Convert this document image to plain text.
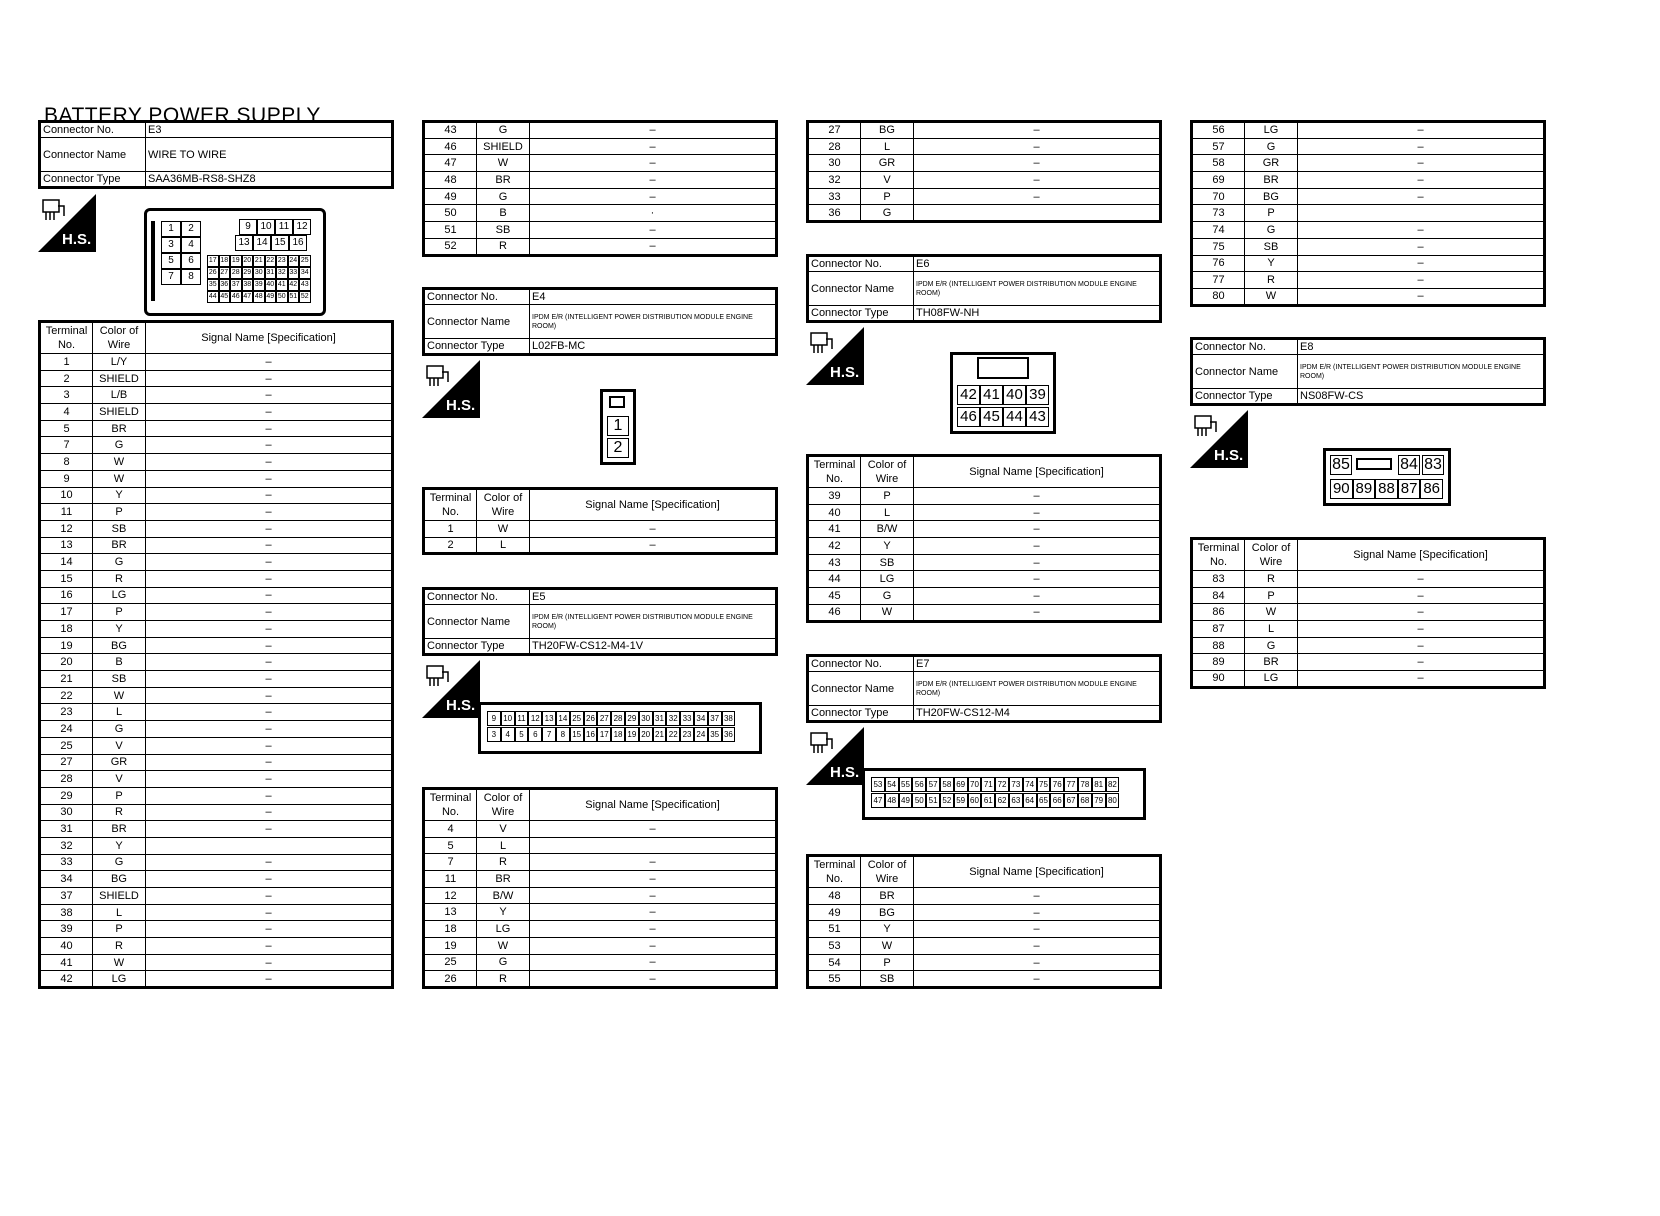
BATTERY POWER SUPPLY
Connector No.	E3
Connector Name	WIRE TO WIRE
Connector Type	SAA36MB-RS8-SHZ8
H.S.
1	2
3	4
5	6
7	8
9 10 11 12
13 14 15 16
17 18 19 20 21 22 23 24 25
26 27 28 29 30 31 32 33 34
35 36 37 38 39 40 41 42 43
44 45 46 47 48 49 50 51 52
Terminal No.	Color of Wire	Signal Name [Specification]
1	L/Y	–
2	SHIELD	–
3	L/B	–
4	SHIELD	–
5	BR	–
7	G	–
8	W	–
9	W	–
10	Y	–
11	P	–
12	SB	–
13	BR	–
14	G	–
15	R	–
16	LG	–
17	P	–
18	Y	–
19	BG	–
20	B	–
21	SB	–
22	W	–
23	L	–
24	G	–
25	V	–
27	GR	–
28	V	–
29	P	–
30	R	–
31	BR	–
32	Y	
33	G	–
34	BG	–
37	SHIELD	–
38	L	–
39	P	–
40	R	–
41	W	–
42	LG	–
43	G	–
46	SHIELD	–
47	W	–
48	BR	–
49	G	–
50	B	·
51	SB	–
52	R	–
Connector No.	E4
Connector Name	IPDM E/R (INTELLIGENT POWER DISTRIBUTION MODULE ENGINE ROOM)
Connector Type	L02FB-MC
H.S.
1
2
Terminal No.	Color of Wire	Signal Name [Specification]
1	W	–
2	L	–
Connector No.	E5
Connector Name	IPDM E/R (INTELLIGENT POWER DISTRIBUTION MODULE ENGINE ROOM)
Connector Type	TH20FW-CS12-M4-1V
H.S.
9 10 11 12 13 14 25 26 27 28 29 30 31 32 33 34 37 38
3	4	5	6	7	8 15 16 17 18 19 20 21 22 23 24 35 36
Terminal No.	Color of Wire	Signal Name [Specification]
4	V	–
5	L	
7	R	–
11	BR	–
12	B/W	–
13	Y	–
18	LG	–
19	W	–
25	G	–
26	R	–
27	BG	–
28	L	–
30	GR	–
32	V	–
33	P	–
36	G	
Connector No.	E6
Connector Name	IPDM E/R (INTELLIGENT POWER DISTRIBUTION MODULE ENGINE ROOM)
Connector Type	TH08FW-NH
H.S.
42 41 40 39
46 45 44 43
Terminal No.	Color of Wire	Signal Name [Specification]
39	P	–
40	L	–
41	B/W	–
42	Y	–
43	SB	–
44	LG	–
45	G	–
46	W	–
Connector No.	E7
Connector Name	IPDM E/R (INTELLIGENT POWER DISTRIBUTION MODULE ENGINE ROOM)
Connector Type	TH20FW-CS12-M4
H.S.
53 54 55 56 57 58 69 70 71 72 73 74 75 76 77 78 81 82
47 48 49 50 51 52 59 60 61 62 63 64 65 66 67 68 79 80
Terminal No.	Color of Wire	Signal Name [Specification]
48	BR	–
49	BG	–
51	Y	–
53	W	–
54	P	–
55	SB	–
56	LG	–
57	G	–
58	GR	–
69	BR	–
70	BG	–
73	P	
74	G	–
75	SB	–
76	Y	–
77	R	–
80	W	–
Connector No.	E8
Connector Name	IPDM E/R (INTELLIGENT POWER DISTRIBUTION MODULE ENGINE ROOM)
Connector Type	NS08FW-CS
H.S.
85	84 83
90 89 88 87 86
Terminal No.	Color of Wire	Signal Name [Specification]
83	R	–
84	P	–
86	W	–
87	L	–
88	G	–
89	BR	–
90	LG	–
